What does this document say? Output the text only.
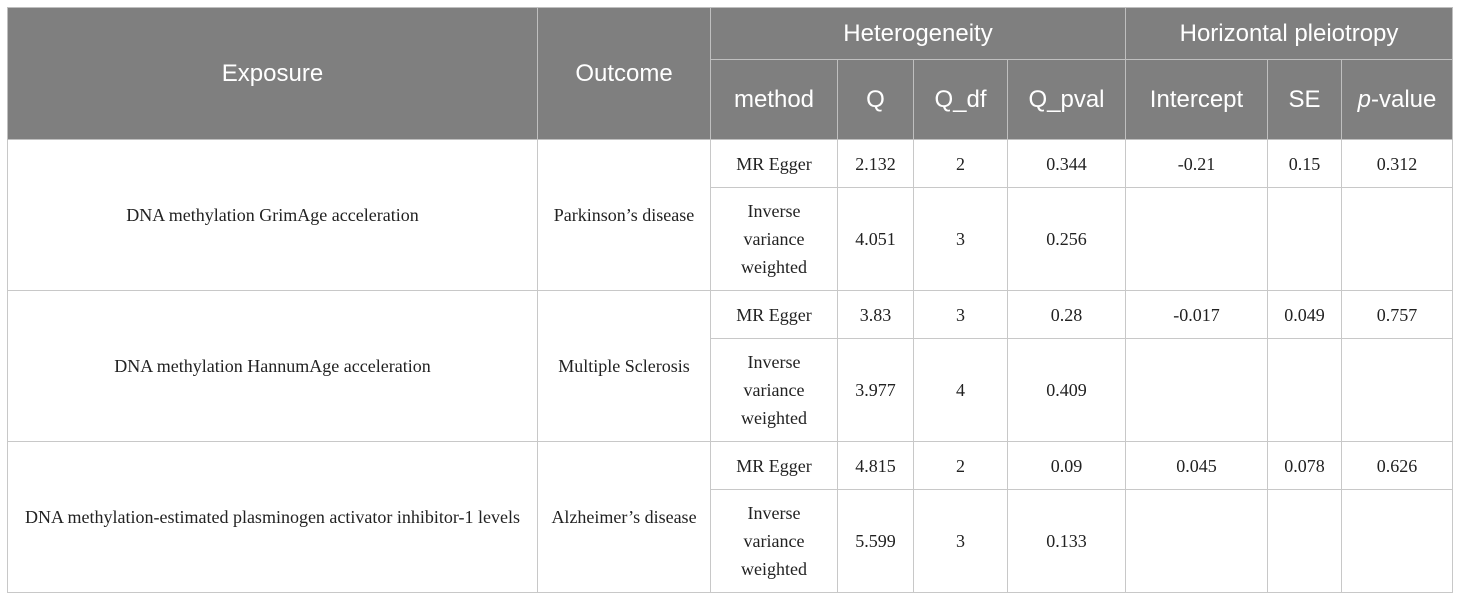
Exposure	Outcome	Heterogeneity				Horizontal pleiotropy		
		method	Q	Q_df	Q_pval	Intercept	SE	p-value
DNA methylation GrimAge acceleration	Parkinson’s disease	MR Egger	2.132	2	0.344	-0.21	0.15	0.312
		Inverse variance weighted	4.051	3	0.256			
DNA methylation HannumAge acceleration	Multiple Sclerosis	MR Egger	3.83	3	0.28	-0.017	0.049	0.757
		Inverse variance weighted	3.977	4	0.409			
DNA methylation-estimated plasminogen activator inhibitor-1 levels	Alzheimer’s disease	MR Egger	4.815	2	0.09	0.045	0.078	0.626
		Inverse variance weighted	5.599	3	0.133			
